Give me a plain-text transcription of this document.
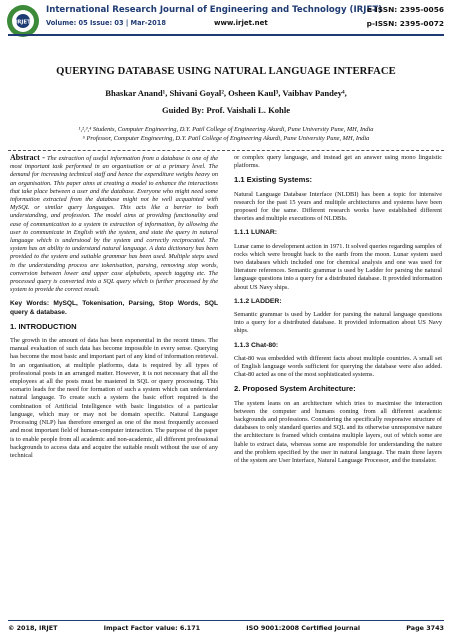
IRJET
International Research Journal of Engineering and Technology (IRJET)
e-ISSN: 2395-0056
Volume: 05 Issue: 03 | Mar-2018	www.irjet.net	p-ISSN: 2395-0072
QUERYING DATABASE USING NATURAL LANGUAGE INTERFACE
Bhaskar Anand¹, Shivani Goyal², Osheen Kaul³, Vaibhav Pandey⁴,
Guided By: Prof. Vaishali L. Kohle
¹,²,³,⁴ Students, Computer Engineering, D.Y. Patil College of Engineering Akurdi, Pune University Pune, MH, India
⁵ Professor, Computer Engineering, D.Y. Patil College of Engineering Akurdi, Pune University Pune, MH, India

Abstract - The extraction of useful information from a database is one of the most important task performed in an organisation or at a primary level. The demand for increasing technical staff and hence the expenditure weighs heavy on an organisation. This paper aims at creating a model to enhance the interactions that take place between a user and the database. Everyone who might need some information extracted from the database might not be well acquainted with MySQL or similar query languages. This acts like a barrier to both understanding, and profession. The model aims at providing functionality and ease of communication to a system in extraction of information, by allowing the user to communicate in English with the system, and state the query in natural language which is understood by the system and correctly reciprocated. The system has an ability to understand natural language. A data dictionary has been provided to the system and suitable grammar has been used. Multiple steps used in the understanding process are tokenisation, parsing, removing stop words, conversion between lower and upper case alphabets, speech tagging etc. The processed query is converted into a SQL query which is further processed by the system to provide the correct result.

Key Words: MySQL, Tokenisation, Parsing, Stop Words, SQL query & database.

1. INTRODUCTION

The growth in the amount of data has been exponential in the recent times. The manual evaluation of such data has become impossible in every sense. Querying has become the most basic and important part of any kind of information retrieval. In an organisation, at multiple platforms, data is required by all types of professional posts in an arranged matter. However, it is not necessary that all the employees at all the posts must be mastered in SQL or query processing. This scenario leads for the need for formation of such a system which can understand natural language. To create such a system the basic effort required is the combination of Artificial Intelligence with basic linguistics of a particular language, which may or may not be domain specific. Natural Language Processing (NLP) has therefore emerged as one of the most frequently accessed and most important field of human-computer interaction. The purpose of the paper is to enable people from all academic and non-academic, all different professional backgrounds to access data and acquire the suitable result without the use of any technical

or complex query language, and instead get an answer using mono linguistic platforms.

1.1 Existing Systems:

Natural Language Database Interface (NLDBI) has been a topic for intensive research for the past 15 years and multiple architectures and systems have been proposed for the same. Different research works have established different theories and multiple executions of NLDBIs.

1.1.1 LUNAR:

Lunar came to development action in 1971. It solved queries regarding samples of rocks which were brought back to the earth from the moon. Lunar system used two databases which included one for chemical analysis and one was used for literature references. Semantic grammar is used by Ladder for parsing the natural language questions into a query for a distributed database. It provided information about US Navy ships.

1.1.2 LADDER:

Semantic grammar is used by Ladder for parsing the natural language questions into a query for a distributed database. It provided information about US Navy ships.

1.1.3 Chat-80:

Chat-80 was embedded with different facts about multiple countries. A small set of English language words sufficient for querying the database were also added. Chat-80 acted as one of the most sophisticated systems.

2. Proposed System Architecture:

The system leans on an architecture which tries to maximise the interaction between the computer and humans coming from all different academic backgrounds and professions. Considering the specifically responsive structure of databases to only standard queries and SQL and its otherwise unresponsive nature the architecture is framed which contains multiple layers, out of which some are liable to extract data, whereas some are responsible for understanding the nature and the problem specified by the user in natural language. The main three layers of the system are User Interface, Natural Language Processor, and the translator.

© 2018, IRJET	Impact Factor value: 6.171	ISO 9001:2008 Certified Journal	Page 3743
